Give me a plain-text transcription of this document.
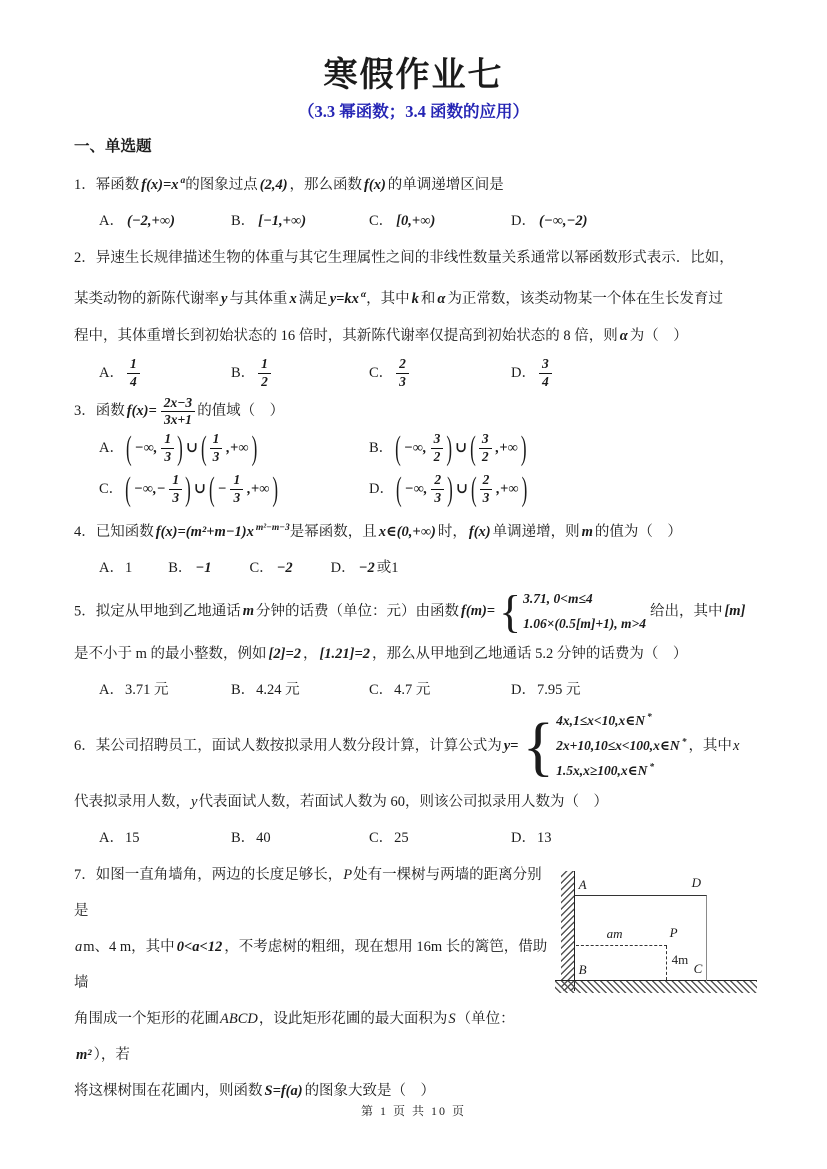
寒假作业七
（3.3 幂函数；3.4 函数的应用）
一、单选题
1．幂函数 f(x)=x $^a$的图象过点 (2,4) ，那么函数 f(x) 的单调递增区间是
A． (−2,+∞)	B． [−1,+∞)	C． [0,+∞)	D． (−∞,−2)
2．异速生长规律描述生物的体重与其它生理属性之间的非线性数量关系通常以幂函数形式表示．比如，
某类动物的新陈代谢率 y 与其体重 x 满足 y=kx $^\alpha$，其中 k 和 α 为正常数，该类动物某一个体在生长发育过
程中，其体重增长到初始状态的 16 倍时，其新陈代谢率仅提高到初始状态的 8 倍，则 α 为（　）
A． $\frac{1}{4}$	B． $\frac{1}{2}$	C． $\frac{2}{3}$	D． $\frac{3}{4}$
3．函数 $f(x)= \frac{2x-3}{3x+1}$ 的值域（　）
A． ( −∞, $\frac{1}{3}$ ) ∪ ( $\frac{1}{3}$ ,+∞ )	B． ( −∞, $\frac{3}{2}$ ) ∪ ( $\frac{3}{2}$ ,+∞ )
C． ( −∞,− $\frac{1}{3}$ ) ∪ ( − $\frac{1}{3}$ ,+∞ )	D． ( −∞, $\frac{2}{3}$ ) ∪ ( $\frac{2}{3}$ ,+∞ )
4．已知函数 f(x)=(m²+m−1)x $^{m^2-m-3}$是幂函数，且 x∈(0,+∞) 时， f(x) 单调递增，则 m 的值为（　）
A．1 B． −1	C． −2	D． −2 或1
5．拟定从甲地到乙地通话 m 分钟的话费（单位：元）由函数 f(m)= { 3.71, 0<m≤4
1.06×(0.5[m]+1), m>4
给出，其中 [m]
是不小于 m 的最小整数，例如 [2]=2 ， [1.21]=2 ，那么从甲地到乙地通话 5.2 分钟的话费为（　）
A．3.71 元	B．4.24 元	C．4.7 元	D．7.95 元
6．某公司招聘员工，面试人数按拟录用人数分段计算，计算公式为 y= { 4x,1≤x<10,x∈N *
2x+10,10≤x<100,x∈N *
1.5x,x≥100,x∈N *
，其中x
代表拟录用人数，y代表面试人数，若面试人数为 60，则该公司拟录用人数为（　）
A．15	B．40	C．25	D．13
7．如图一直角墙角，两边的长度足够长，P处有一棵树与两墙的距离分别是
am、4 m，其中 0<a<12 ，不考虑树的粗细，现在想用 16m 长的篱笆，借助墙
角围成一个矩形的花圃ABCD，设此矩形花圃的最大面积为S（单位：m² ），若
将这棵树围在花圃内，则函数 S=f(a) 的图象大致是（　）
A	D
B	C
P
am
4m
第 1 页 共 10 页
